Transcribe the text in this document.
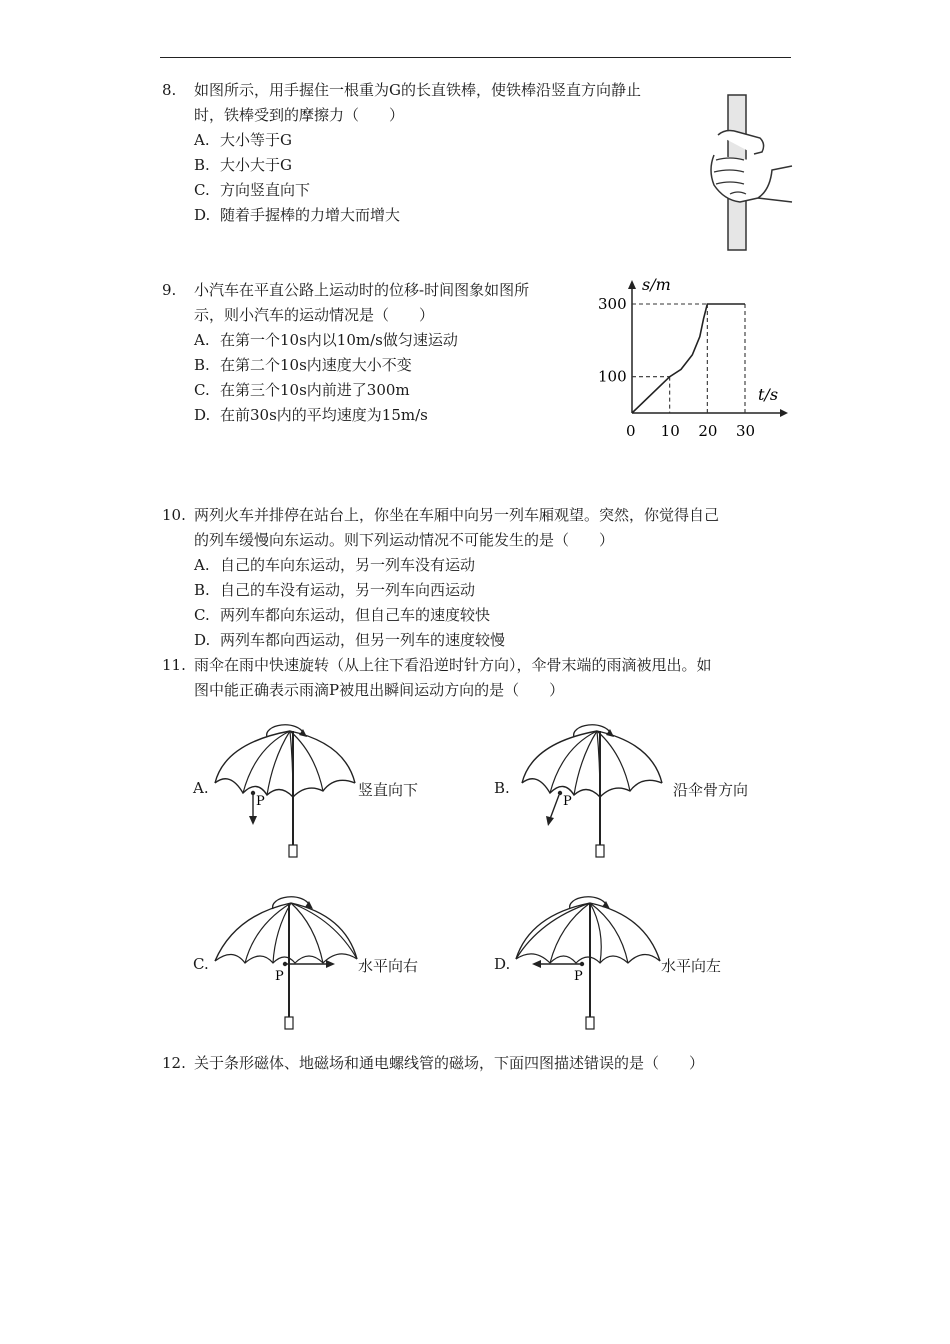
8. 如图所示，用手握住一根重为G的长直铁棒，使铁棒沿竖直方向静止
时，铁棒受到的摩擦力（　　）
A. 大小等于G
B. 大小大于G
C. 方向竖直向下
D. 随着手握棒的力增大而增大
9. 小汽车在平直公路上运动时的位移-时间图象如图所
示，则小汽车的运动情况是（　　）
A. 在第一个10s内以10m/s做匀速运动
B. 在第二个10s内速度大小不变
C. 在第三个10s内前进了300m
D. 在前30s内的平均速度为15m/s
s/m
t/s
0 10 20 30
100
300
10. 两列火车并排停在站台上，你坐在车厢中向另一列车厢观望。突然，你觉得自己
的列车缓慢向东运动。则下列运动情况不可能发生的是（　　）
A. 自己的车向东运动，另一列车没有运动
B. 自己的车没有运动，另一列车向西运动
C. 两列车都向东运动，但自己车的速度较快
D. 两列车都向西运动，但另一列车的速度较慢
11. 雨伞在雨中快速旋转（从上往下看沿逆时针方向），伞骨末端的雨滴被甩出。如
图中能正确表示雨滴P被甩出瞬间运动方向的是（　　）
A.
P
竖直向下	B.
P
沿伞骨方向
C.
P
水平向右	D.
P
水平向左
12. 关于条形磁体、地磁场和通电螺线管的磁场，下面四图描述错误的是（　　）
